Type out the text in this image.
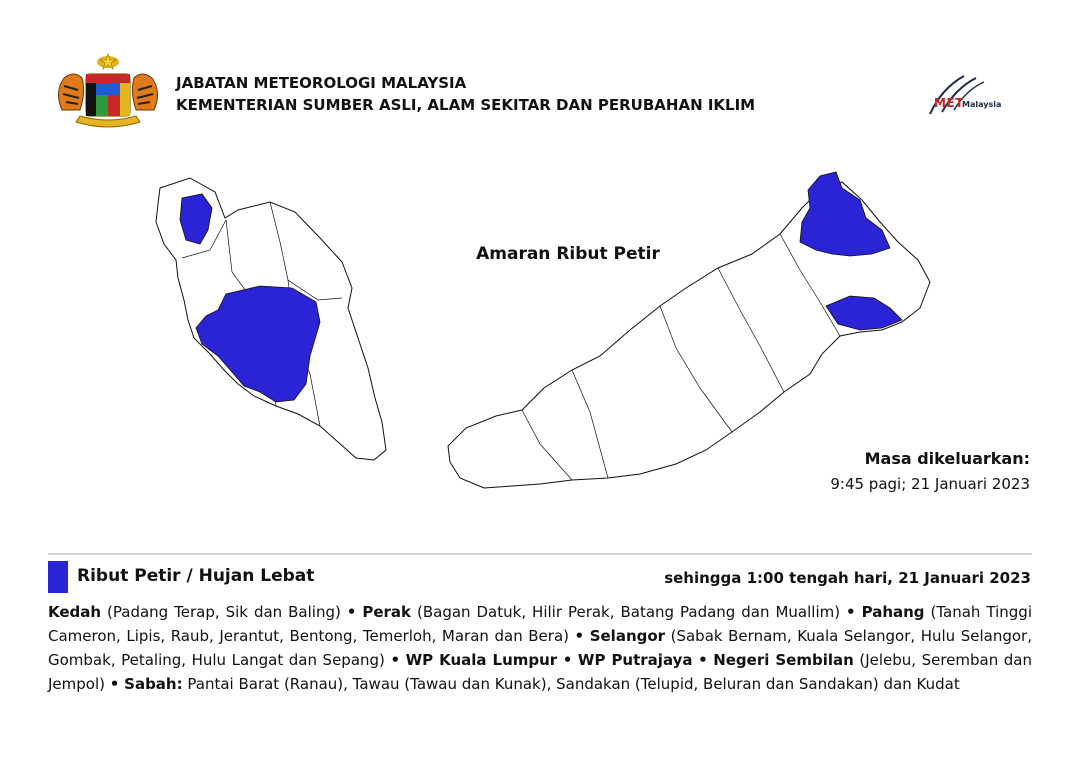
JABATAN METEOROLOGI MALAYSIA
KEMENTERIAN SUMBER ASLI, ALAM SEKITAR DAN PERUBAHAN IKLIM	MET
Malaysia
Amaran Ribut Petir
Masa dikeluarkan:
9:45 pagi; 21 Januari 2023
Ribut Petir / Hujan Lebat	sehingga 1:00 tengah hari, 21 Januari 2023
Kedah (Padang Terap, Sik dan Baling) • Perak (Bagan Datuk, Hilir Perak, Batang Padang dan Muallim) • Pahang (Tanah Tinggi Cameron, Lipis, Raub, Jerantut, Bentong, Temerloh, Maran dan Bera) • Selangor (Sabak Bernam, Kuala Selangor, Hulu Selangor, Gombak, Petaling, Hulu Langat dan Sepang) • WP Kuala Lumpur • WP Putrajaya • Negeri Sembilan (Jelebu, Seremban dan Jempol) • Sabah: Pantai Barat (Ranau), Tawau (Tawau dan Kunak), Sandakan (Telupid, Beluran dan Sandakan) dan Kudat
